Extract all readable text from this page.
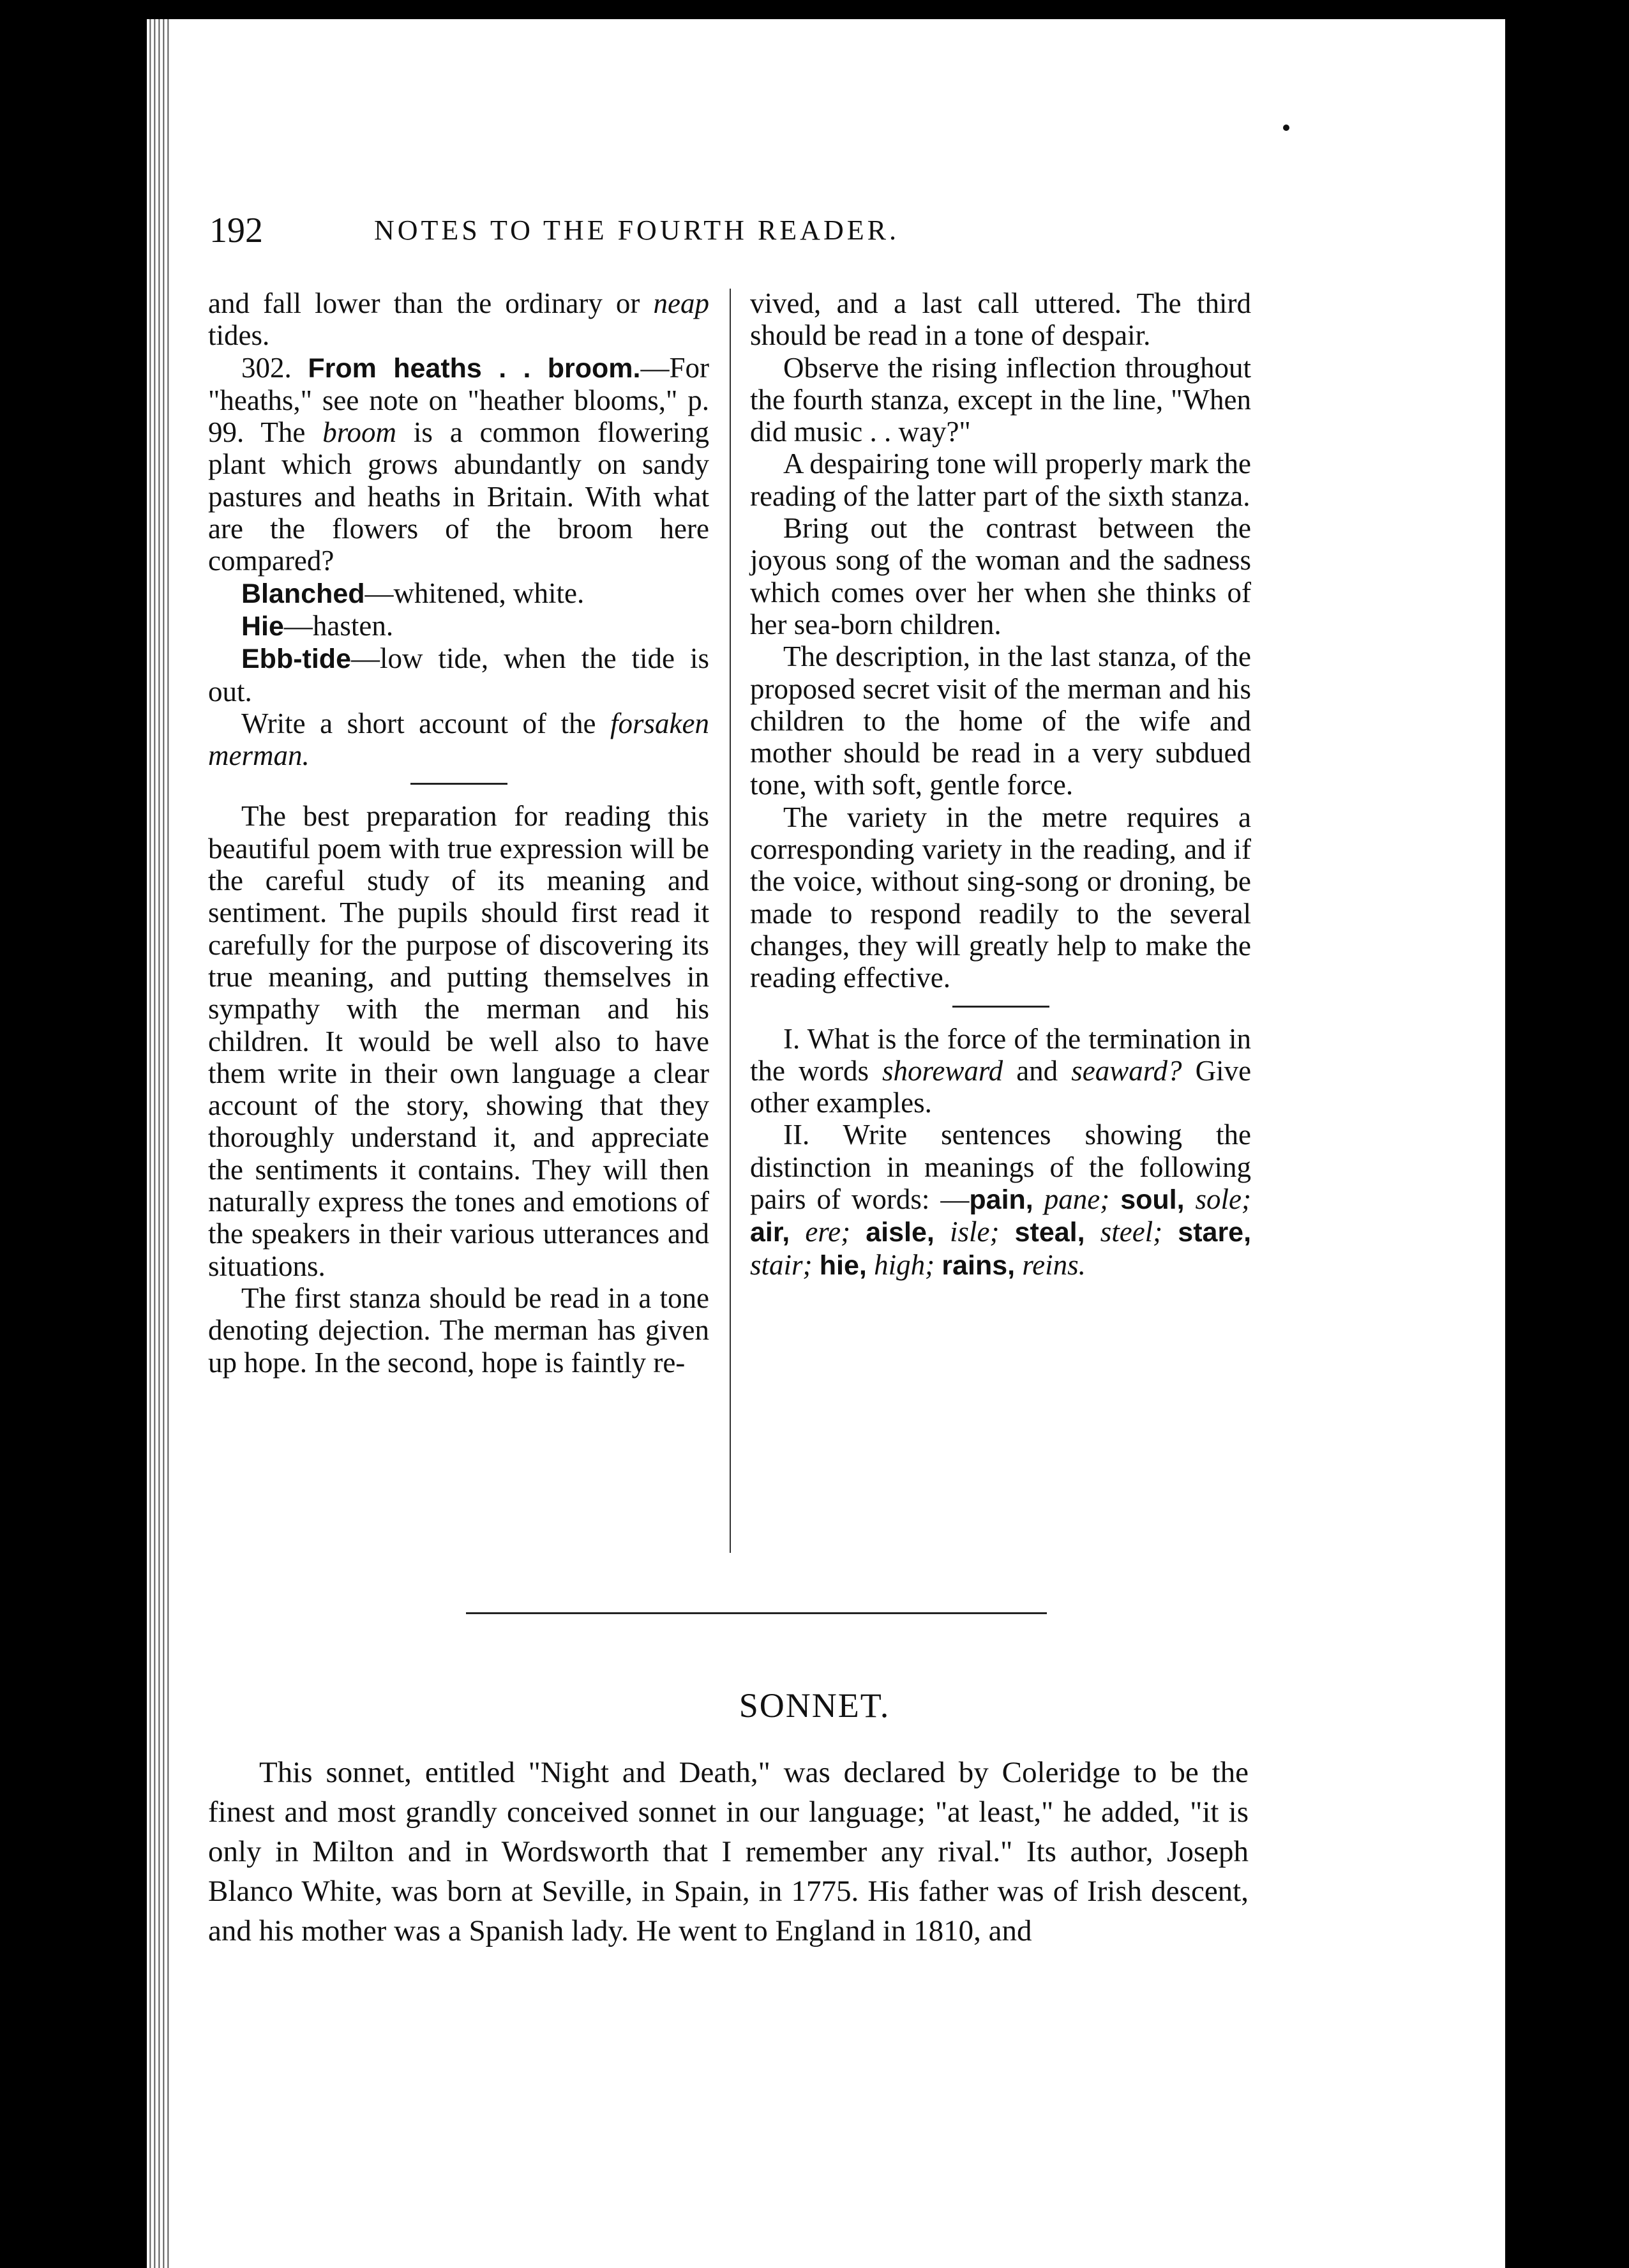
192	NOTES TO THE FOURTH READER.

and fall lower than the ordinary or neap tides.

302. From heaths . . broom.—For "heaths," see note on "heather blooms," p. 99. The broom is a common flowering plant which grows abundantly on sandy pastures and heaths in Britain. With what are the flowers of the broom here compared?

Blanched—whitened, white.

Hie—hasten.

Ebb-tide—low tide, when the tide is out.

Write a short account of the forsaken merman.

The best preparation for reading this beautiful poem with true expression will be the careful study of its meaning and sentiment. The pupils should first read it carefully for the purpose of discovering its true meaning, and putting themselves in sympathy with the merman and his children. It would be well also to have them write in their own language a clear account of the story, showing that they thoroughly understand it, and appreciate the sentiments it contains. They will then naturally express the tones and emotions of the speakers in their various utterances and situations.

The first stanza should be read in a tone denoting dejection. The merman has given up hope. In the second, hope is faintly re-

vived, and a last call uttered. The third should be read in a tone of despair.

Observe the rising inflection throughout the fourth stanza, except in the line, "When did music . . way?"

A despairing tone will properly mark the reading of the latter part of the sixth stanza.

Bring out the contrast between the joyous song of the woman and the sadness which comes over her when she thinks of her sea-born children.

The description, in the last stanza, of the proposed secret visit of the merman and his children to the home of the wife and mother should be read in a very subdued tone, with soft, gentle force.

The variety in the metre requires a corresponding variety in the reading, and if the voice, without sing-song or droning, be made to respond readily to the several changes, they will greatly help to make the reading effective.

I. What is the force of the termination in the words shoreward and seaward? Give other examples.

II. Write sentences showing the distinction in meanings of the following pairs of words: —pain, pane; soul, sole; air, ere; aisle, isle; steal, steel; stare, stair; hie, high; rains, reins.

SONNET.
This sonnet, entitled "Night and Death," was declared by Coleridge to be the finest and most grandly conceived sonnet in our language; "at least," he added, "it is only in Milton and in Wordsworth that I remember any rival." Its author, Joseph Blanco White, was born at Seville, in Spain, in 1775. His father was of Irish descent, and his mother was a Spanish lady. He went to England in 1810, and
